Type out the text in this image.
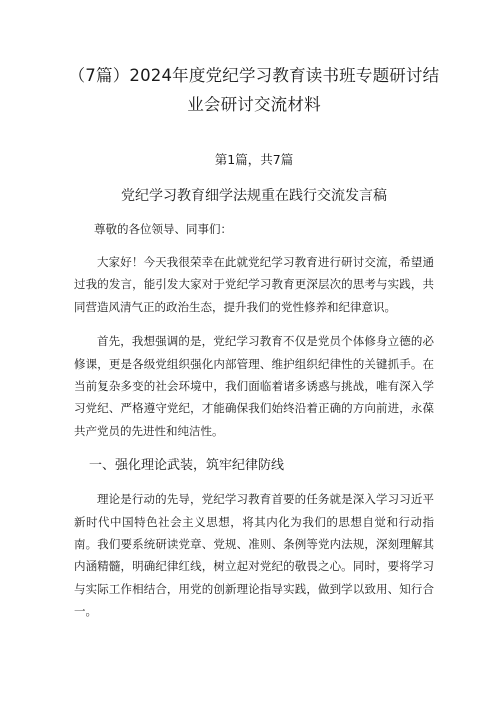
（7篇）2024年度党纪学习教育读书班专题研讨结
业会研讨交流材料
第1篇，共7篇
党纪学习教育细学法规重在践行交流发言稿
尊敬的各位领导、同事们：

大家好！今天我很荣幸在此就党纪学习教育进行研讨交流，希望通过我的发言，能引发大家对于党纪学习教育更深层次的思考与实践，共同营造风清气正的政治生态，提升我们的党性修养和纪律意识。

首先，我想强调的是，党纪学习教育不仅是党员个体修身立德的必修课，更是各级党组织强化内部管理、维护组织纪律性的关键抓手。在当前复杂多变的社会环境中，我们面临着诸多诱惑与挑战，唯有深入学习党纪、严格遵守党纪，才能确保我们始终沿着正确的方向前进，永葆共产党员的先进性和纯洁性。

一、强化理论武装，筑牢纪律防线

理论是行动的先导，党纪学习教育首要的任务就是深入学习习近平新时代中国特色社会主义思想，将其内化为我们的思想自觉和行动指南。我们要系统研读党章、党规、准则、条例等党内法规，深刻理解其内涵精髓，明确纪律红线，树立起对党纪的敬畏之心。同时，要将学习与实际工作相结合，用党的创新理论指导实践，做到学以致用、知行合一。
